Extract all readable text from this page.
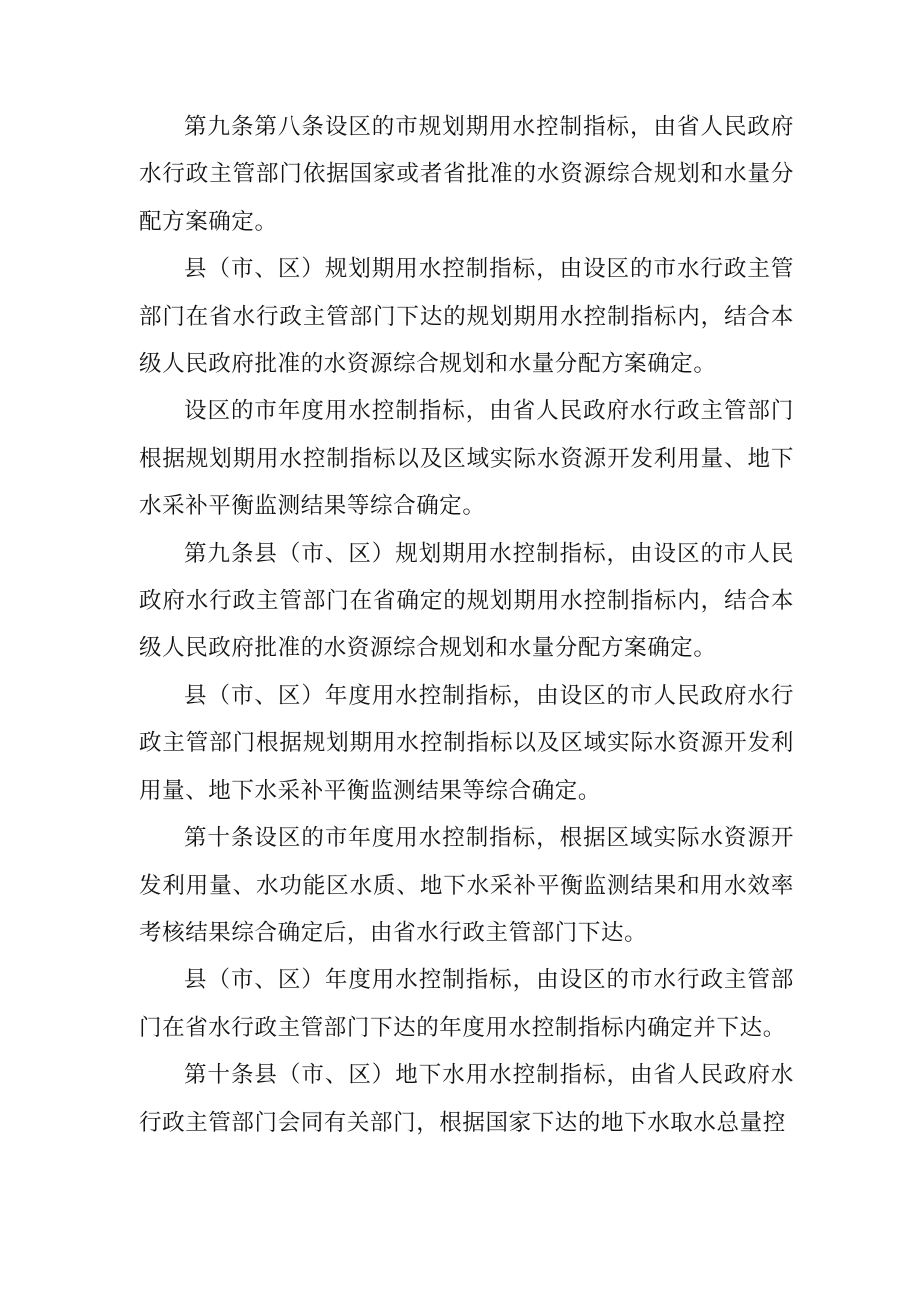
第九条第八条设区的市规划期用水控制指标，由省人民政府水行政主管部门依据国家或者省批准的水资源综合规划和水量分配方案确定。

县（市、区）规划期用水控制指标，由设区的市水行政主管部门在省水行政主管部门下达的规划期用水控制指标内，结合本级人民政府批准的水资源综合规划和水量分配方案确定。

设区的市年度用水控制指标，由省人民政府水行政主管部门根据规划期用水控制指标以及区域实际水资源开发利用量、地下水采补平衡监测结果等综合确定。

第九条县（市、区）规划期用水控制指标，由设区的市人民政府水行政主管部门在省确定的规划期用水控制指标内，结合本级人民政府批准的水资源综合规划和水量分配方案确定。

县（市、区）年度用水控制指标，由设区的市人民政府水行政主管部门根据规划期用水控制指标以及区域实际水资源开发利用量、地下水采补平衡监测结果等综合确定。

第十条设区的市年度用水控制指标，根据区域实际水资源开发利用量、水功能区水质、地下水采补平衡监测结果和用水效率考核结果综合确定后，由省水行政主管部门下达。

县（市、区）年度用水控制指标，由设区的市水行政主管部门在省水行政主管部门下达的年度用水控制指标内确定并下达。

第十条县（市、区）地下水用水控制指标，由省人民政府水行政主管部门会同有关部门，根据国家下达的地下水取水总量控
